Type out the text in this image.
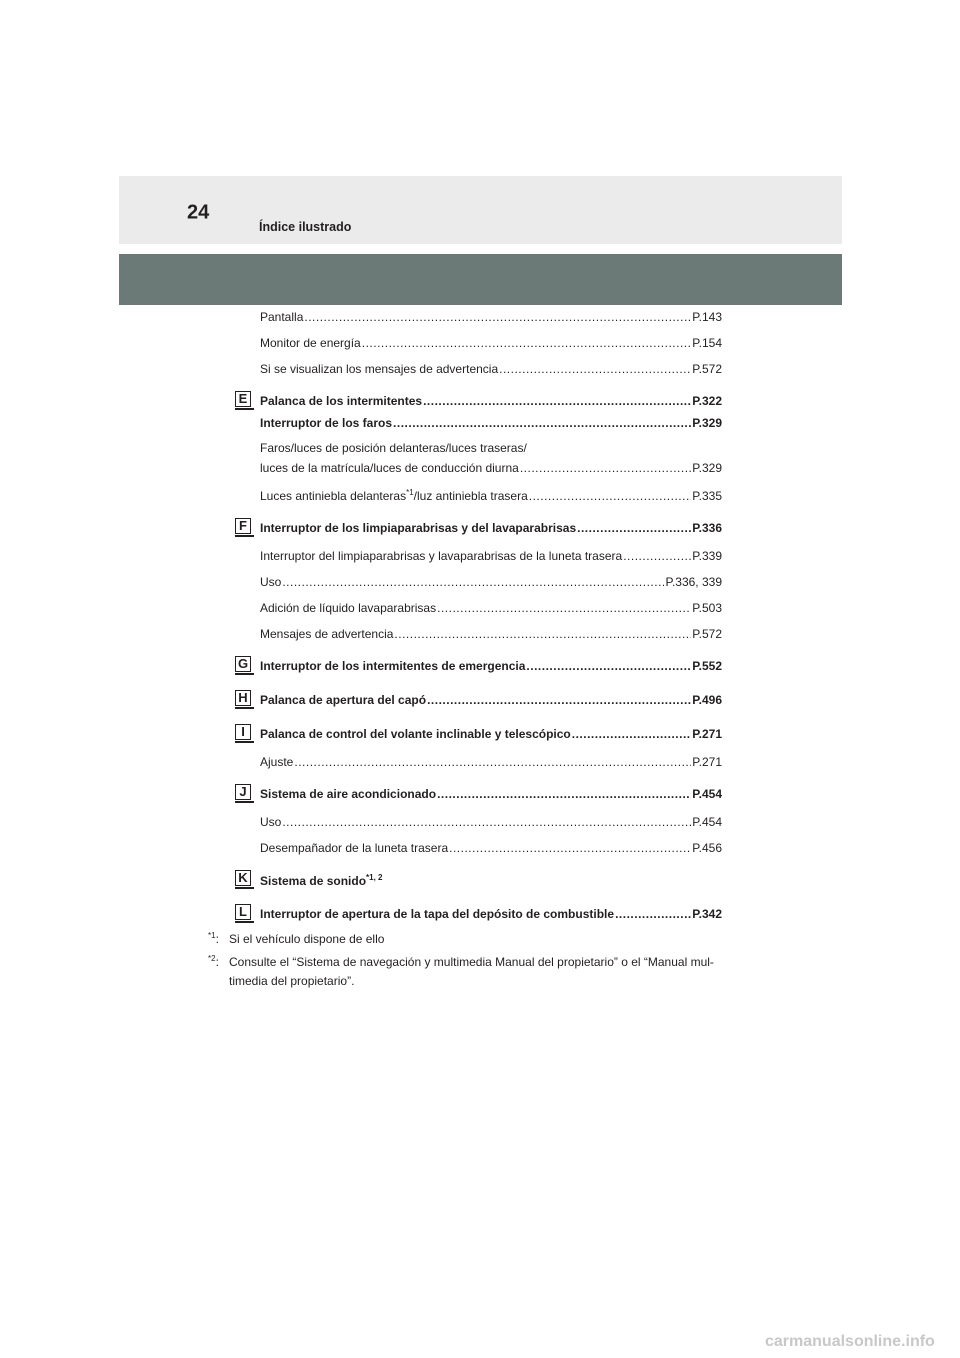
24
Índice ilustrado
Pantalla .....	P.143
Monitor de energía .....	P.154
Si se visualizan los mensajes de advertencia .....	P.572
E	Palanca de los intermitentes .....	P.322
Interruptor de los faros .....	P.329
Faros/luces de posición delanteras/luces traseras/
luces de la matrícula/luces de conducción diurna .....	P.329
Luces antiniebla delanteras$^{*1}$/luz antiniebla trasera .....	P.335
F	Interruptor de los limpiaparabrisas y del lavaparabrisas .....	P.336
Interruptor del limpiaparabrisas y lavaparabrisas de la luneta trasera .....	P.339
Uso .....	P.336, 339
Adición de líquido lavaparabrisas .....	P.503
Mensajes de advertencia .....	P.572
G Interruptor de los intermitentes de emergencia .....	P.552
H Palanca de apertura del capó .....	P.496
I	Palanca de control del volante inclinable y telescópico .....	P.271
Ajuste .....	P.271
J	Sistema de aire acondicionado .....	P.454
Uso .....	P.454
Desempañador de la luneta trasera .....	P.456
K Sistema de sonido$^{*1, 2}$
L	Interruptor de apertura de la tapa del depósito de combustible .....	P.342
$^{*1}$: Si el vehículo dispone de ello
$^{*2}$: Consulte el “Sistema de navegación y multimedia Manual del propietario” o el “Manual mul-
timedia del propietario”.
carmanualsonline.info
